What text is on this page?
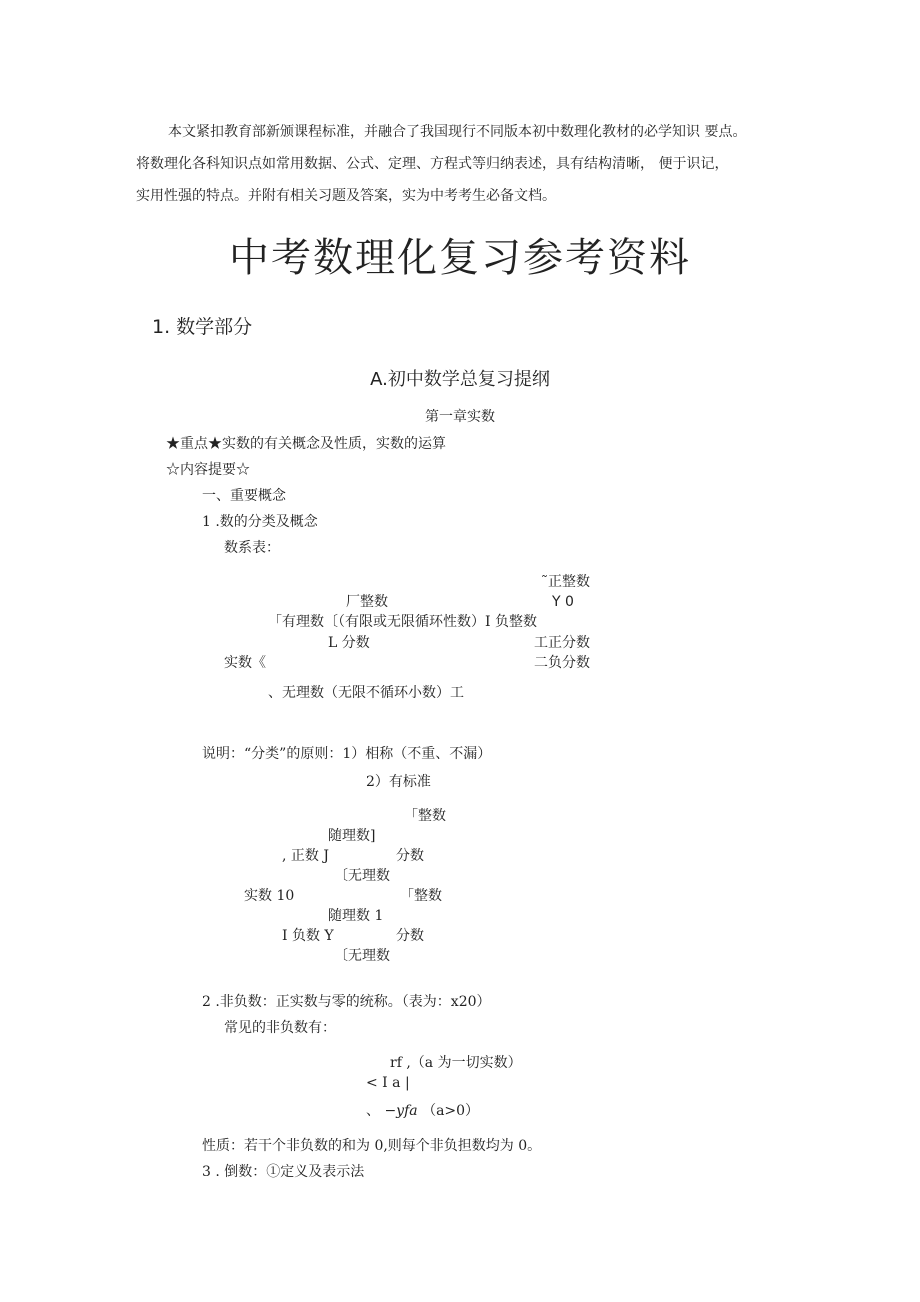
本文紧扣教育部新颁课程标准，并融合了我国现行不同版本初中数理化教材的必学知识 要点。
将数理化各科知识点如常用数据、公式、定理、方程式等归纳表述，具有结构清晰， 便于识记，
实用性强的特点。并附有相关习题及答案，实为中考考生必备文档。
中考数理化复习参考资料
1. 数学部分
A.初中数学总复习提纲
第一章实数
★重点★实数的有关概念及性质，实数的运算
☆内容提要☆
一、重要概念
1 .数的分类及概念
数系表：
˜正整数
厂整数	Y 0
「有理数〔（有限或无限循环性数）I 负整数
L 分数	工正分数
实数《	二负分数
、无理数（无限不循环小数）工
说明：“分类”的原则：1）相称（不重、不漏）
2）有标准
「整数
随理数]
, 正数 J	分数
〔无理数
实数 10	「整数
随理数 1
I 负数 Y	分数
〔无理数
2 .非负数：正实数与零的统称。（表为：x20）
常见的非负数有：
rf ,（a 为一切实数）
< I a |
、 −yfa （a>0）
性质：若干个非负数的和为 0,则每个非负担数均为 0。
3 . 倒数：①定义及表示法
